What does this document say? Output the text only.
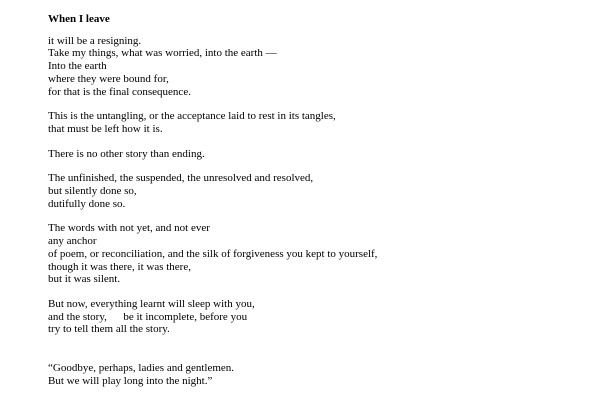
When I leave
it will be a resigning.
Take my things, what was worried, into the earth —
Into the earth
where they were bound for,
for that is the final consequence.
This is the untangling, or the acceptance laid to rest in its tangles,
that must be left how it is.
There is no other story than ending.
The unfinished, the suspended, the unresolved and resolved,
but silently done so,
dutifully done so.
The words with not yet, and not ever
any anchor
of poem, or reconciliation, and the silk of forgiveness you kept to yourself,
though it was there, it was there,
but it was silent.
But now, everything learnt will sleep with you,
and the story,      be it incomplete, before you
try to tell them all the story.
“Goodbye, perhaps, ladies and gentlemen.
But we will play long into the night.”
